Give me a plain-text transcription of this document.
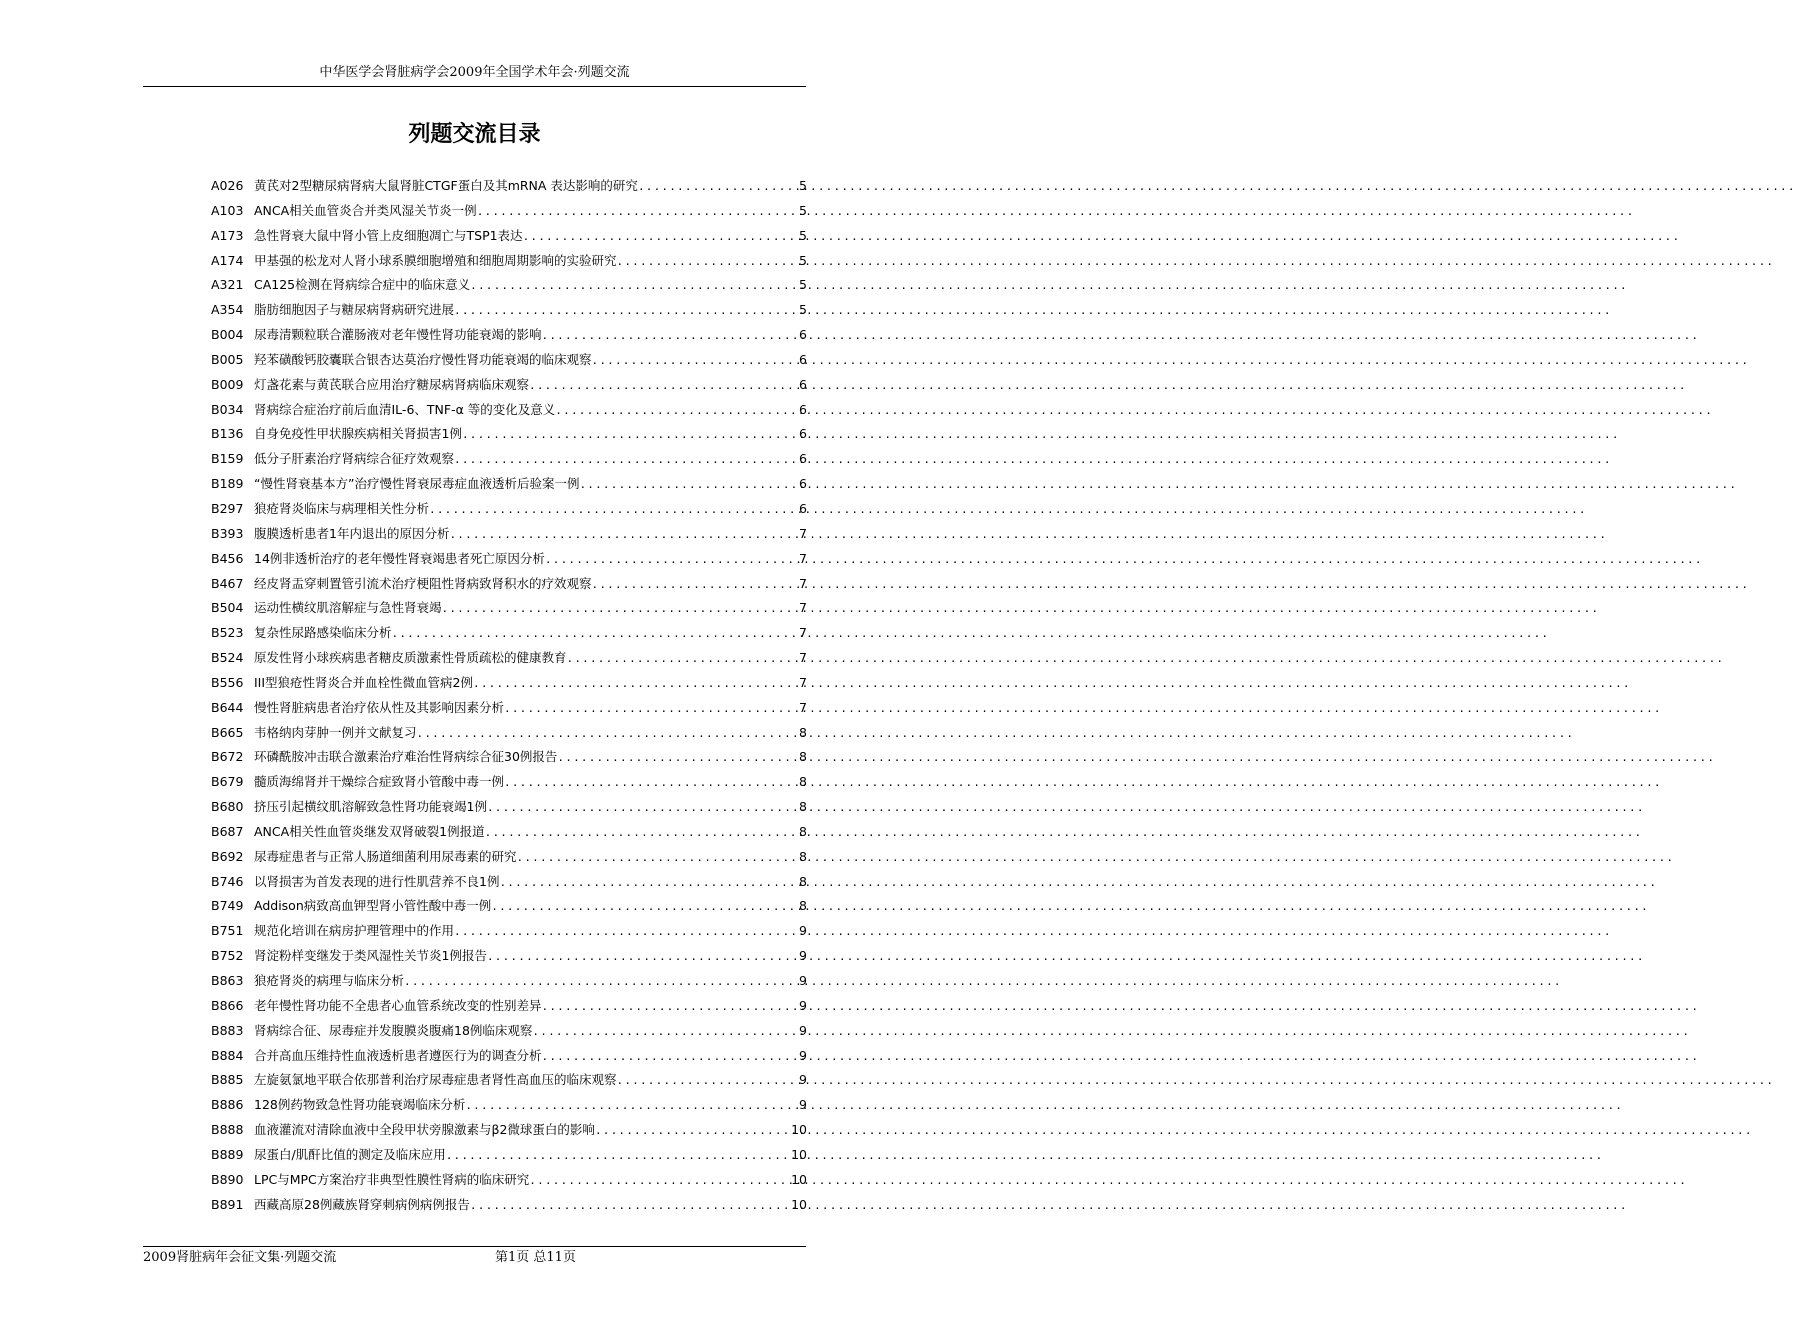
中华医学会肾脏病学会2009年全国学术年会·列题交流
列题交流目录
A026 黄芪对2型糖尿病肾病大鼠肾脏CTGF蛋白及其mRNA 表达影响的研究 .....	5
A103 ANCA相关血管炎合并类风湿关节炎一例 .....	5
A173 急性肾衰大鼠中肾小管上皮细胞凋亡与TSP1表达 .....	5
A174 甲基强的松龙对人肾小球系膜细胞增殖和细胞周期影响的实验研究 .....	5
A321 CA125检测在肾病综合症中的临床意义 .....	5
A354 脂肪细胞因子与糖尿病肾病研究进展 .....	5
B004 尿毒清颗粒联合灌肠液对老年慢性肾功能衰竭的影响 .....	6
B005 羟苯磺酸钙胶囊联合银杏达莫治疗慢性肾功能衰竭的临床观察 .....	6
B009 灯盏花素与黄芪联合应用治疗糖尿病肾病临床观察 .....	6
B034 肾病综合症治疗前后血清IL-6、TNF-α 等的变化及意义 .....	6
B136 自身免疫性甲状腺疾病相关肾损害1例 .....	6
B159 低分子肝素治疗肾病综合征疗效观察 .....	6
B189 “慢性肾衰基本方”治疗慢性肾衰尿毒症血液透析后验案一例 .....	6
B297 狼疮肾炎临床与病理相关性分析 .....	6
B393 腹膜透析患者1年内退出的原因分析 .....	7
B456 14例非透析治疗的老年慢性肾衰竭患者死亡原因分析 .....	7
B467 经皮肾盂穿刺置管引流术治疗梗阻性肾病致肾积水的疗效观察 .....	7
B504 运动性横纹肌溶解症与急性肾衰竭 .....	7
B523 复杂性尿路感染临床分析 .....	7
B524 原发性肾小球疾病患者糖皮质激素性骨质疏松的健康教育 .....	7
B556 III型狼疮性肾炎合并血栓性微血管病2例 .....	7
B644 慢性肾脏病患者治疗依从性及其影响因素分析 .....	7
B665 韦格纳肉芽肿一例并文献复习 .....	8
B672 环磷酰胺冲击联合激素治疗难治性肾病综合征30例报告 .....	8
B679 髓质海绵肾并干燥综合症致肾小管酸中毒一例 .....	8
B680 挤压引起横纹肌溶解致急性肾功能衰竭1例 .....	8
B687 ANCA相关性血管炎继发双肾破裂1例报道 .....	8
B692 尿毒症患者与正常人肠道细菌利用尿毒素的研究 .....	8
B746 以肾损害为首发表现的进行性肌营养不良1例 .....	8
B749 Addison病致高血钾型肾小管性酸中毒一例 .....	8
B751 规范化培训在病房护理管理中的作用 .....	9
B752 肾淀粉样变继发于类风湿性关节炎1例报告 .....	9
B863 狼疮肾炎的病理与临床分析 .....	9
B866 老年慢性肾功能不全患者心血管系统改变的性别差异 .....	9
B883 肾病综合征、尿毒症并发腹膜炎腹痛18例临床观察 .....	9
B884 合并高血压维持性血液透析患者遵医行为的调查分析 .....	9
B885 左旋氨氯地平联合依那普利治疗尿毒症患者肾性高血压的临床观察 .....	9
B886 128例药物致急性肾功能衰竭临床分析 .....	9
B888 血液灌流对清除血液中全段甲状旁腺激素与β2微球蛋白的影响 .....	10
B889 尿蛋白/肌酐比值的测定及临床应用 .....	10
B890 LPC与MPC方案治疗非典型性膜性肾病的临床研究 .....	10
B891 西藏高原28例藏族肾穿刺病例病例报告 .....	10
2009肾脏病年会征文集·列题交流	第1页 总11页
